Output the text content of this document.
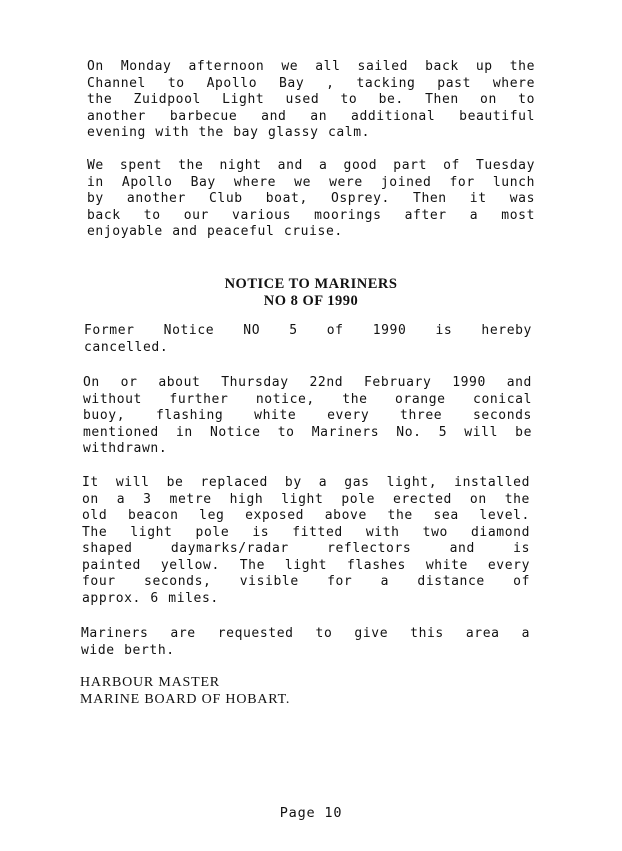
On Monday afternoon we all sailed back up the
Channel to Apollo Bay , tacking past where
the Zuidpool Light used to be. Then on to
another barbecue and an additional beautiful
evening with the bay glassy calm.
We spent the night and a good part of Tuesday
in Apollo Bay where we were joined for lunch
by another Club boat, Osprey. Then it was
back to our various moorings after a most
enjoyable and peaceful cruise.

NOTICE TO MARINERS

NO 8 OF 1990

Former Notice NO 5 of 1990 is hereby
cancelled.
On or about Thursday 22nd February 1990 and
without further notice, the orange conical
buoy, flashing white every three seconds
mentioned in Notice to Mariners No. 5 will be
withdrawn.
It will be replaced by a gas light, installed
on a 3 metre high light pole erected on the
old beacon leg exposed above the sea level.
The light pole is fitted with two diamond
shaped daymarks/radar reflectors and is
painted yellow. The light flashes white every
four seconds, visible for a distance of
approx. 6 miles.
Mariners are requested to give this area a
wide berth.

HARBOUR MASTER

MARINE BOARD OF HOBART.

Page 10
